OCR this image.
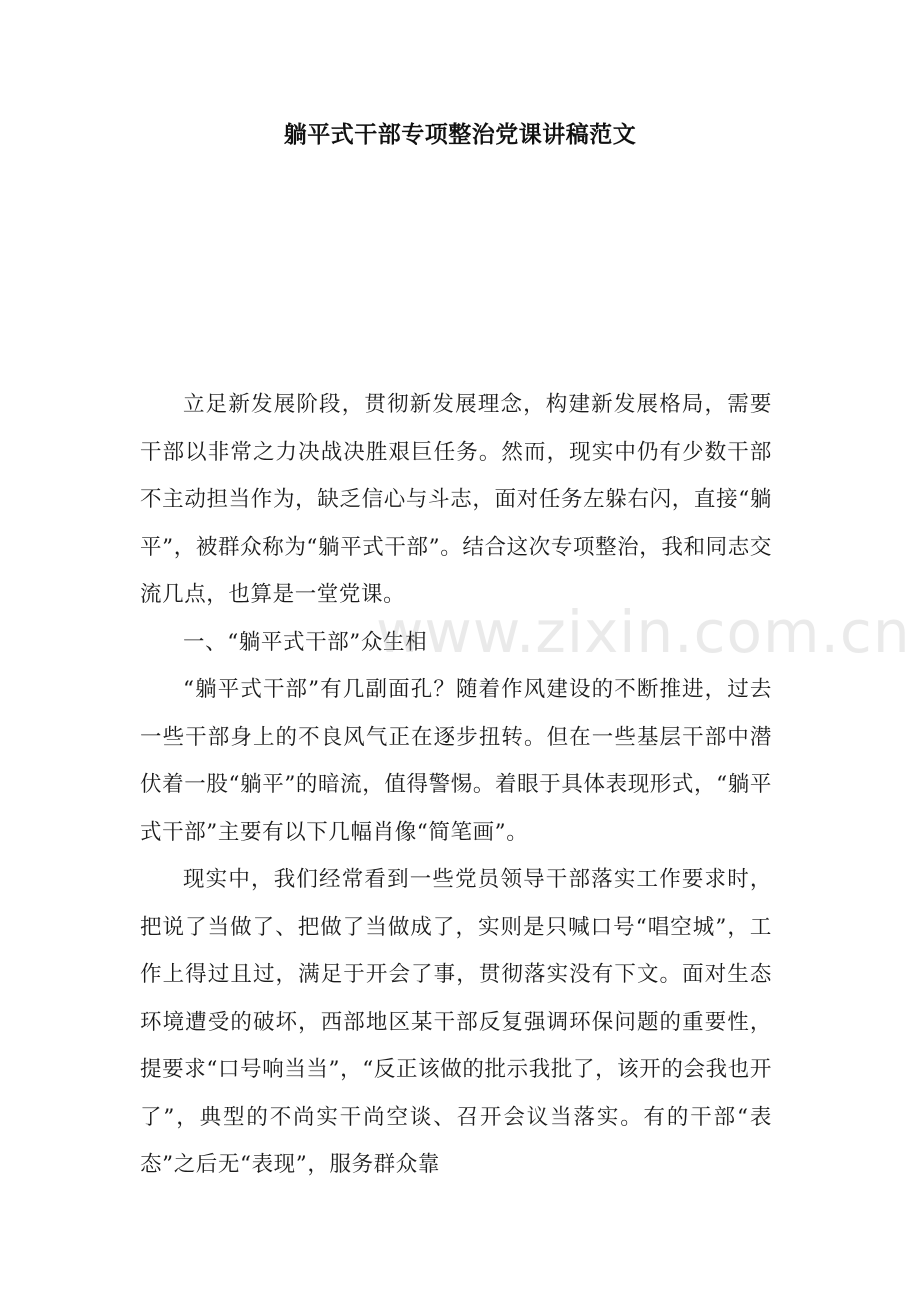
躺平式干部专项整治党课讲稿范文

立足新发展阶段，贯彻新发展理念，构建新发展格局，需要干部以非常之力决战决胜艰巨任务。然而，现实中仍有少数干部不主动担当作为，缺乏信心与斗志，面对任务左躲右闪，直接“躺平”，被群众称为“躺平式干部”。结合这次专项整治，我和同志交流几点，也算是一堂党课。

一、“躺平式干部”众生相

“躺平式干部”有几副面孔？随着作风建设的不断推进，过去一些干部身上的不良风气正在逐步扭转。但在一些基层干部中潜伏着一股“躺平”的暗流，值得警惕。着眼于具体表现形式，“躺平式干部”主要有以下几幅肖像“简笔画”。

现实中，我们经常看到一些党员领导干部落实工作要求时，把说了当做了、把做了当做成了，实则是只喊口号“唱空城”，工作上得过且过，满足于开会了事，贯彻落实没有下文。面对生态环境遭受的破坏，西部地区某干部反复强调环保问题的重要性，提要求“口号响当当”，“反正该做的批示我批了，该开的会我也开了”，典型的不尚实干尚空谈、召开会议当落实。有的干部“表态”之后无“表现”，服务群众靠

www.zixin.com.cn
